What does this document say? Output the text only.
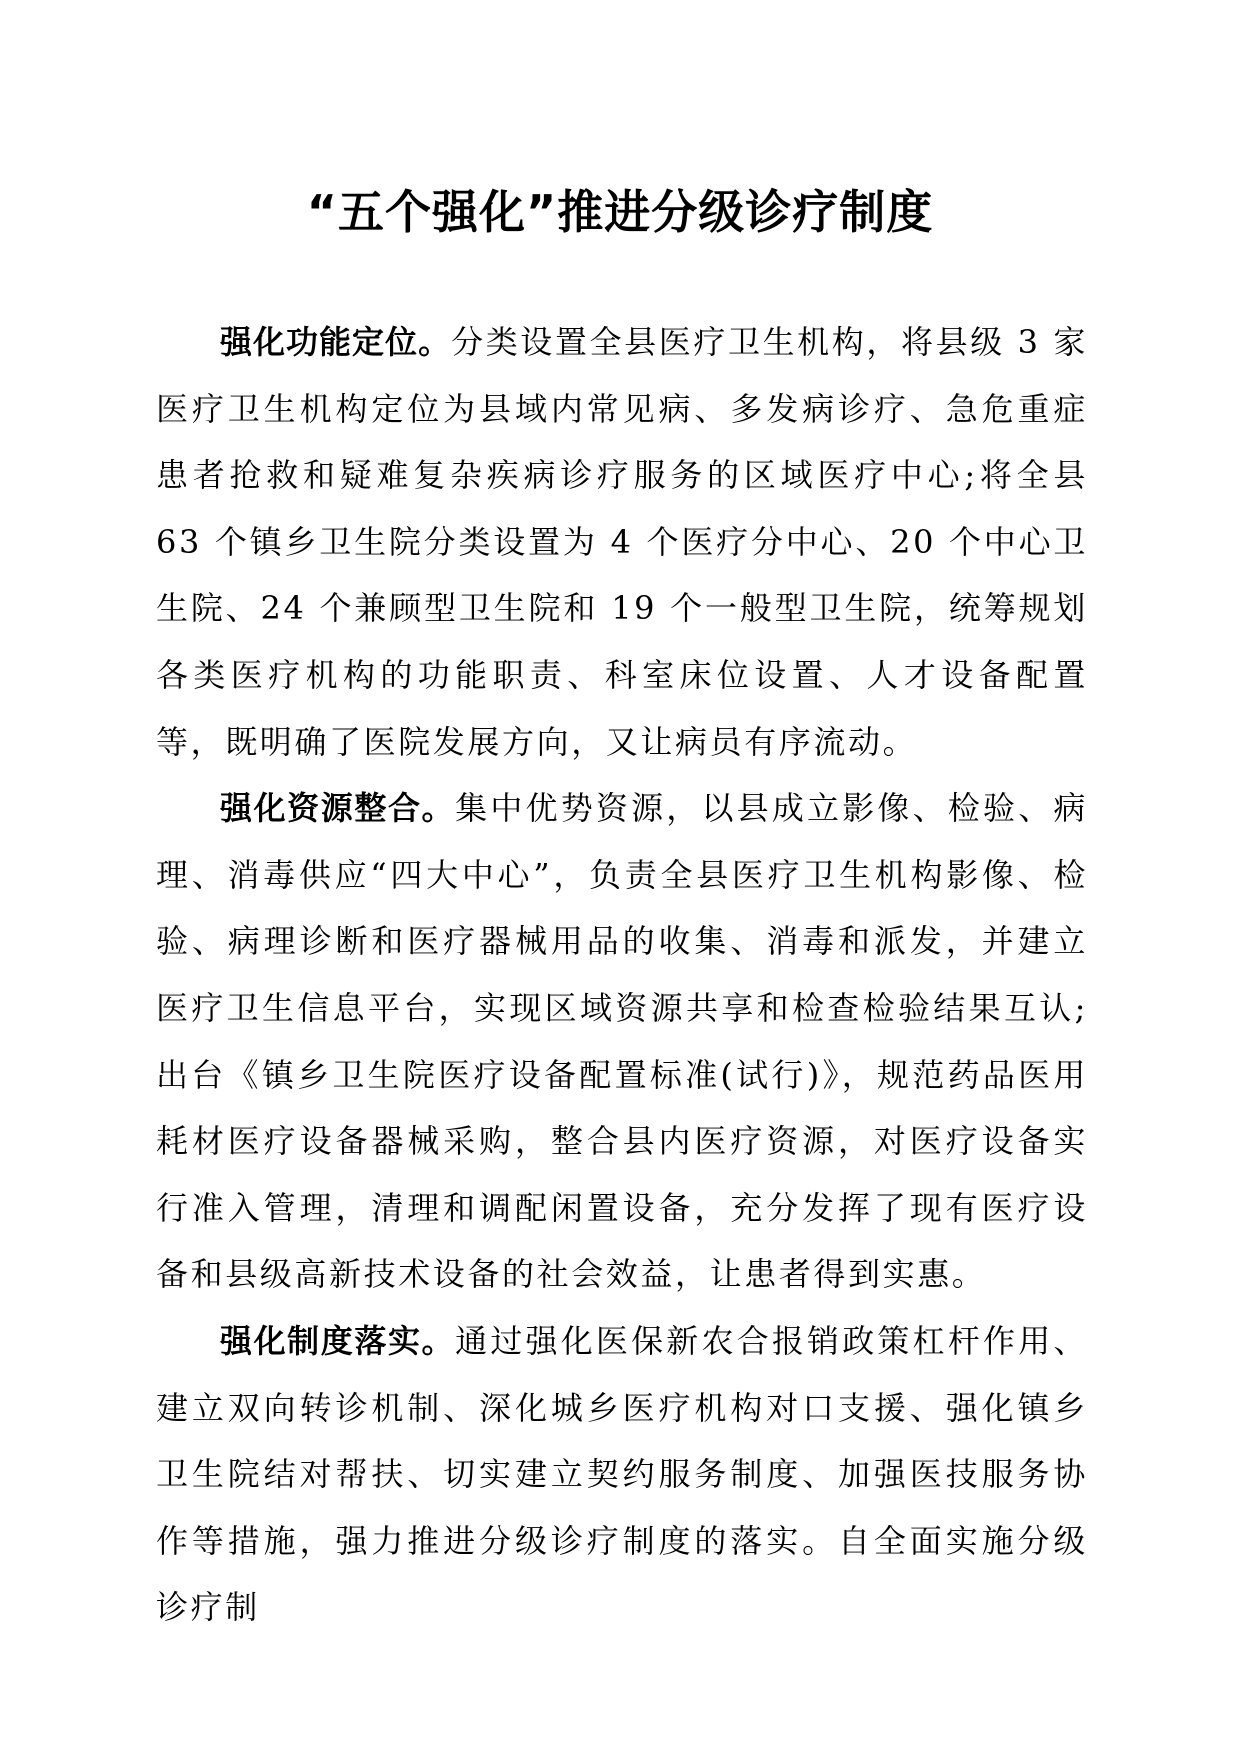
“五个强化”推进分级诊疗制度

强化功能定位。分类设置全县医疗卫生机构，将县级 3 家医疗卫生机构定位为县域内常见病、多发病诊疗、急危重症患者抢救和疑难复杂疾病诊疗服务的区域医疗中心;将全县 63 个镇乡卫生院分类设置为 4 个医疗分中心、20 个中心卫生院、24 个兼顾型卫生院和 19 个一般型卫生院，统筹规划各类医疗机构的功能职责、科室床位设置、人才设备配置等，既明确了医院发展方向，又让病员有序流动。

强化资源整合。集中优势资源，以县成立影像、检验、病理、消毒供应“四大中心”，负责全县医疗卫生机构影像、检验、病理诊断和医疗器械用品的收集、消毒和派发，并建立医疗卫生信息平台，实现区域资源共享和检查检验结果互认;出台《镇乡卫生院医疗设备配置标准(试行)》，规范药品医用耗材医疗设备器械采购，整合县内医疗资源，对医疗设备实行准入管理，清理和调配闲置设备，充分发挥了现有医疗设备和县级高新技术设备的社会效益，让患者得到实惠。

强化制度落实。通过强化医保新农合报销政策杠杆作用、建立双向转诊机制、深化城乡医疗机构对口支援、强化镇乡卫生院结对帮扶、切实建立契约服务制度、加强医技服务协作等措施，强力推进分级诊疗制度的落实。自全面实施分级诊疗制
